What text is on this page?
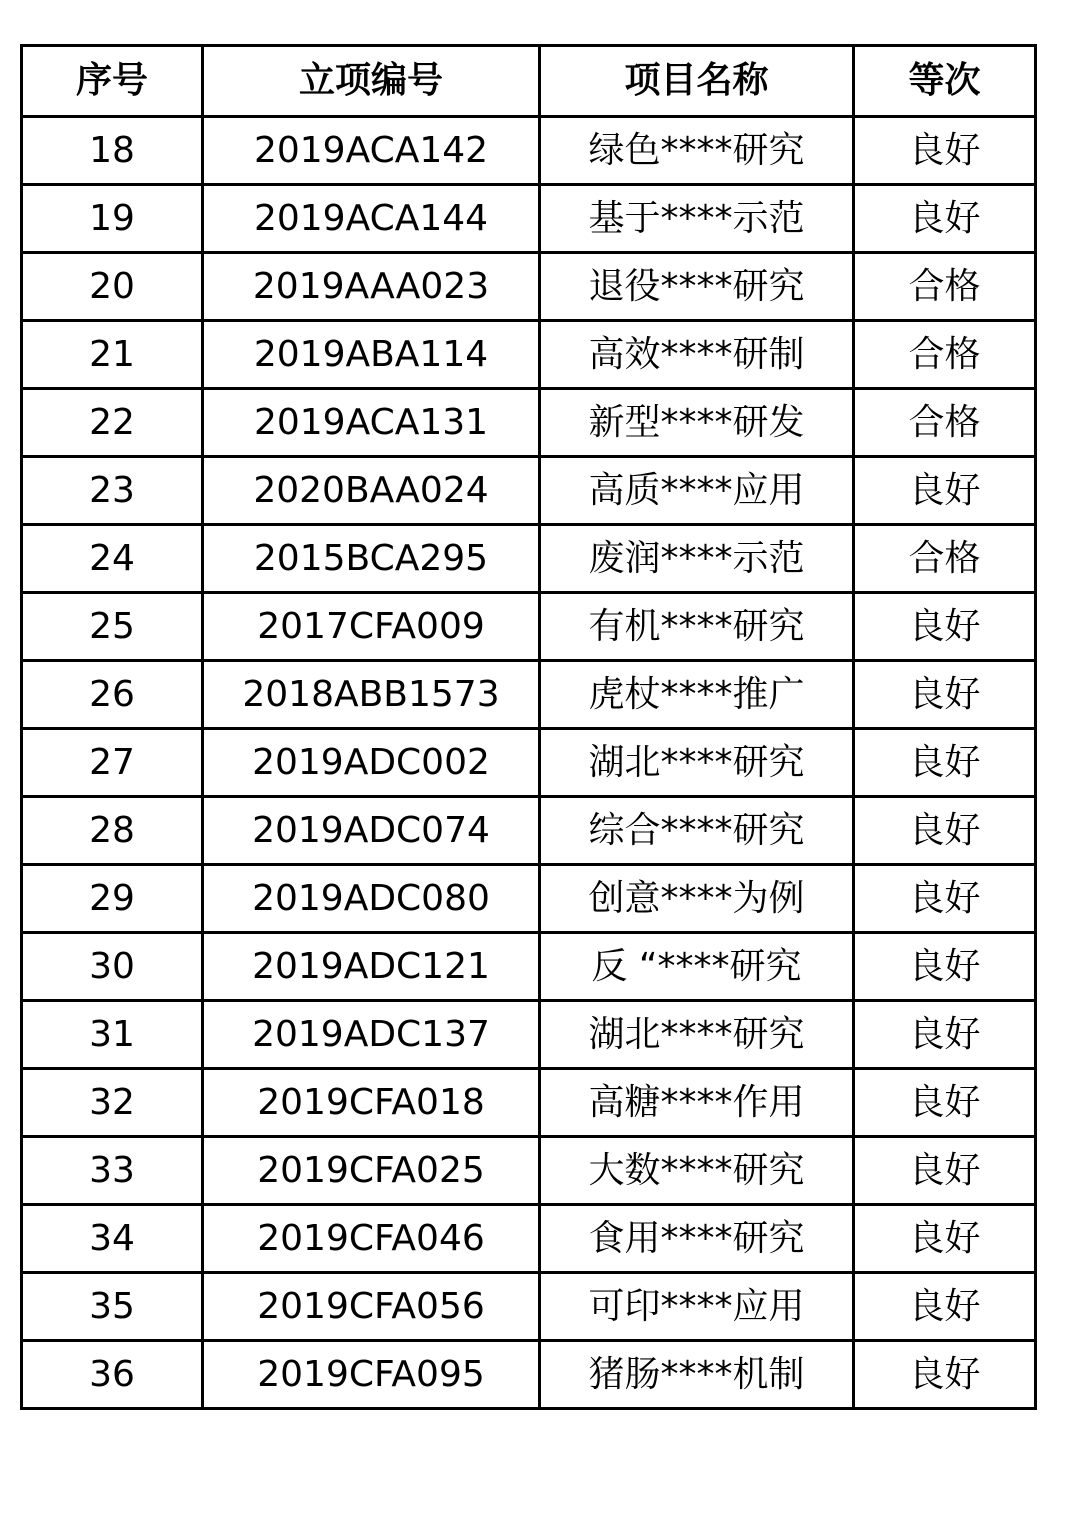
序号	立项编号	项目名称	等次
18	2019ACA142	绿色****研究	良好
19	2019ACA144	基于****示范	良好
20	2019AAA023	退役****研究	合格
21	2019ABA114	高效****研制	合格
22	2019ACA131	新型****研发	合格
23	2020BAA024	高质****应用	良好
24	2015BCA295	废润****示范	合格
25	2017CFA009	有机****研究	良好
26	2018ABB1573	虎杖****推广	良好
27	2019ADC002	湖北****研究	良好
28	2019ADC074	综合****研究	良好
29	2019ADC080	创意****为例	良好
30	2019ADC121	反 “****研究	良好
31	2019ADC137	湖北****研究	良好
32	2019CFA018	高糖****作用	良好
33	2019CFA025	大数****研究	良好
34	2019CFA046	食用****研究	良好
35	2019CFA056	可印****应用	良好
36	2019CFA095	猪肠****机制	良好
